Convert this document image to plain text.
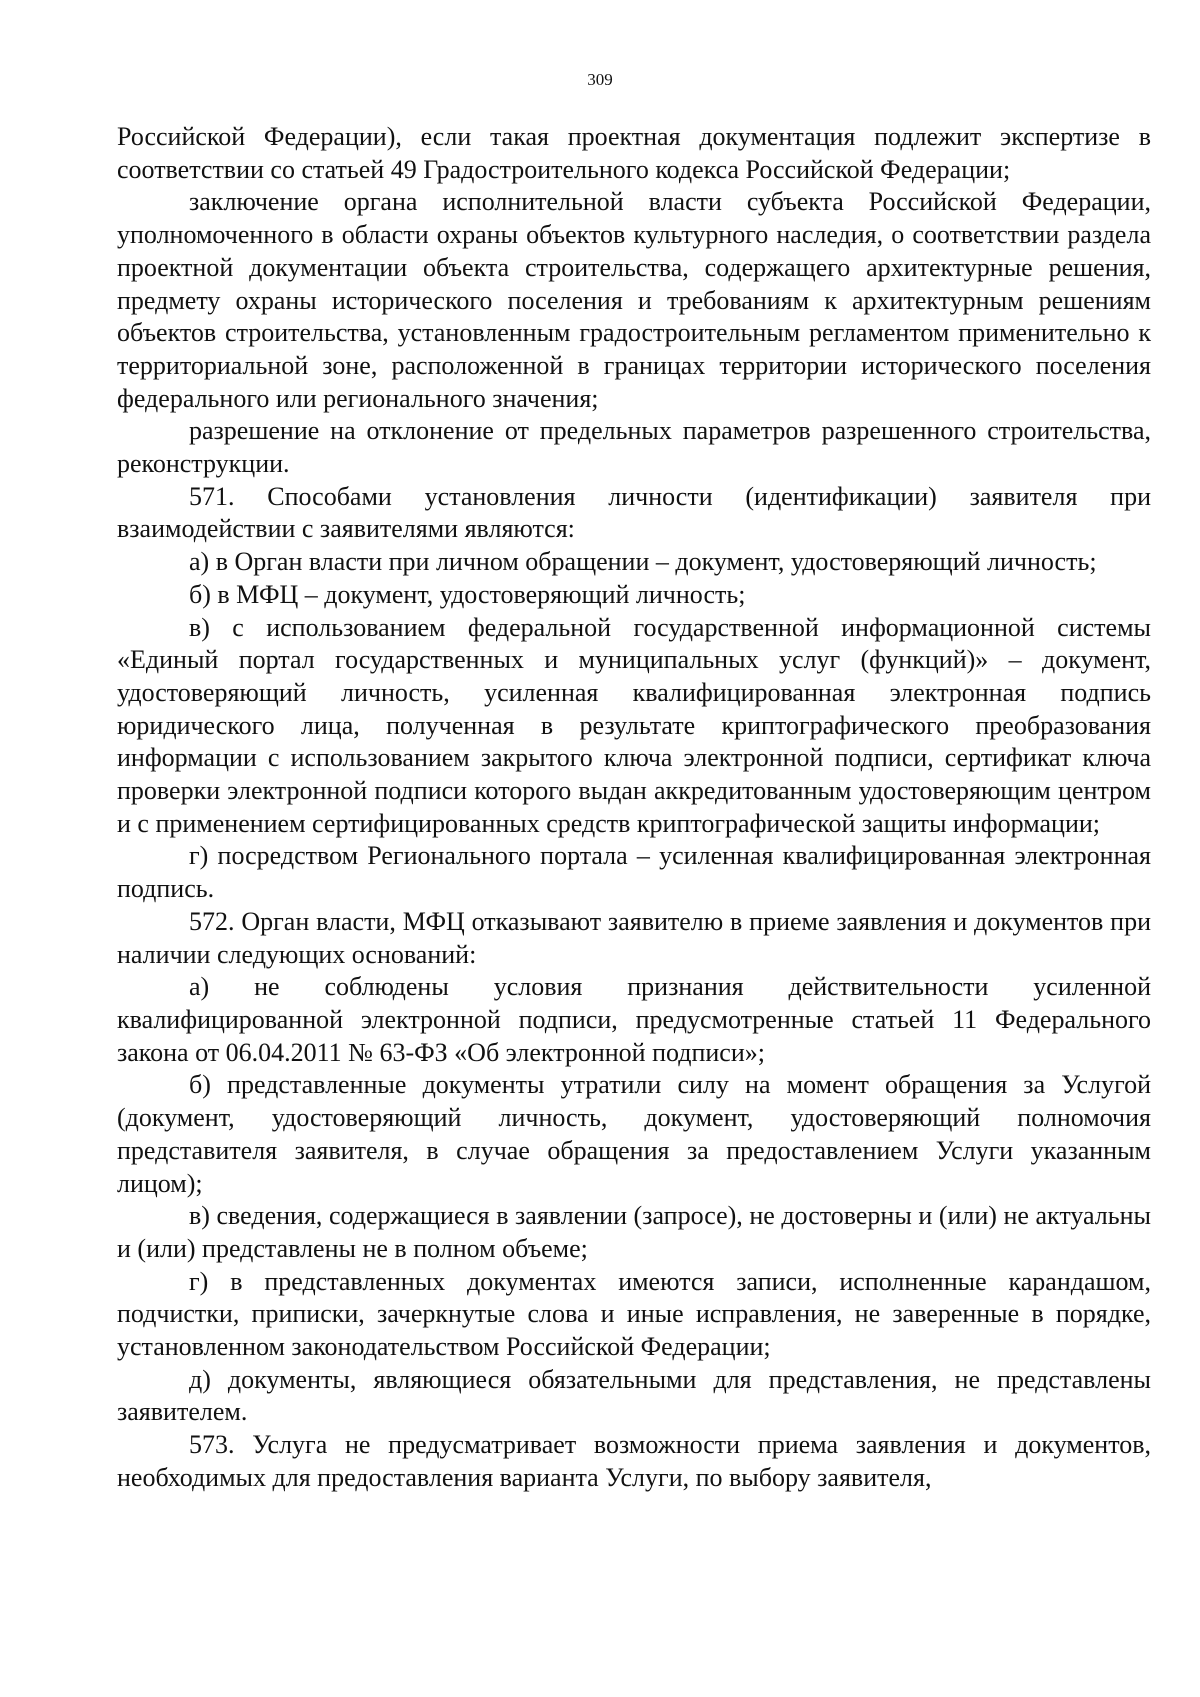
309

Российской Федерации), если такая проектная документация подлежит экспертизе в соответствии со статьей 49 Градостроительного кодекса Российской Федерации;

заключение органа исполнительной власти субъекта Российской Федерации, уполномоченного в области охраны объектов культурного наследия, о соответствии раздела проектной документации объекта строительства, содержащего архитектурные решения, предмету охраны исторического поселения и требованиям к архитектурным решениям объектов строительства, установленным градостроительным регламентом применительно к территориальной зоне, расположенной в границах территории исторического поселения федерального или регионального значения;

разрешение на отклонение от предельных параметров разрешенного строительства, реконструкции.

571. Способами установления личности (идентификации) заявителя при взаимодействии с заявителями являются:

а) в Орган власти при личном обращении – документ, удостоверяющий личность;

б) в МФЦ – документ, удостоверяющий личность;

в) с использованием федеральной государственной информационной системы «Единый портал государственных и муниципальных услуг (функций)» – документ, удостоверяющий личность, усиленная квалифицированная электронная подпись юридического лица, полученная в результате криптографического преобразования информации с использованием закрытого ключа электронной подписи, сертификат ключа проверки электронной подписи которого выдан аккредитованным удостоверяющим центром и с применением сертифицированных средств криптографической защиты информации;

г) посредством Регионального портала – усиленная квалифицированная электронная подпись.

572. Орган власти, МФЦ отказывают заявителю в приеме заявления и документов при наличии следующих оснований:

а) не соблюдены условия признания действительности усиленной квалифицированной электронной подписи, предусмотренные статьей 11 Федерального закона от 06.04.2011 № 63-ФЗ «Об электронной подписи»;

б) представленные документы утратили силу на момент обращения за Услугой (документ, удостоверяющий личность, документ, удостоверяющий полномочия представителя заявителя, в случае обращения за предоставлением Услуги указанным лицом);

в) сведения, содержащиеся в заявлении (запросе), не достоверны и (или) не актуальны и (или) представлены не в полном объеме;

г) в представленных документах имеются записи, исполненные карандашом, подчистки, приписки, зачеркнутые слова и иные исправления, не заверенные в порядке, установленном законодательством Российской Федерации;

д) документы, являющиеся обязательными для представления, не представлены заявителем.

573. Услуга не предусматривает возможности приема заявления и документов, необходимых для предоставления варианта Услуги, по выбору заявителя,
